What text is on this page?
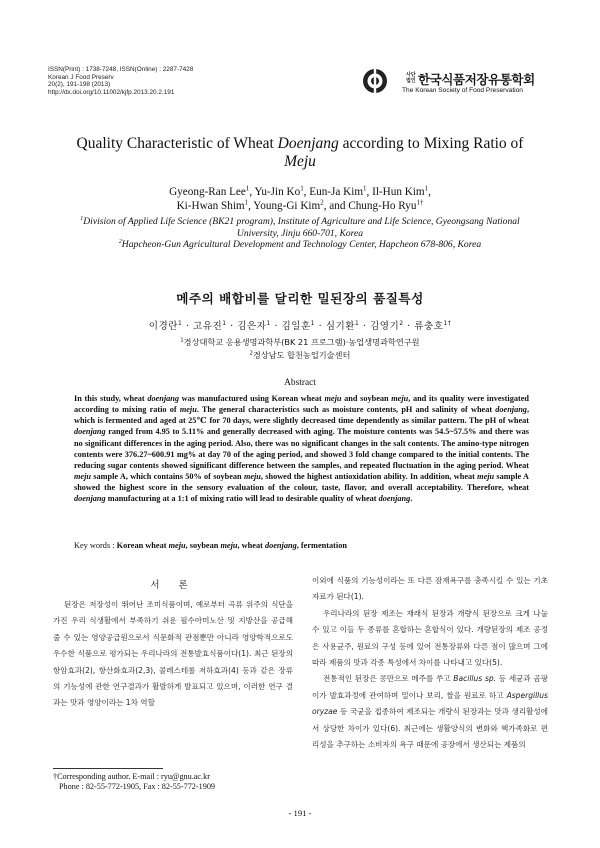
ISSN(Print) : 1738-7248, ISSN(Online) : 2287-7428
Korean J Food Preserv
20(2), 191-198 (2013)
http://dx.doi.org/10.11002/kjfp.2013.20.2.191
사단
법인 한국식품저장유통학회
The Korean Society of Food Preservation
Quality Characteristic of Wheat Doenjang according to Mixing Ratio of Meju
Gyeong-Ran Lee$^1$, Yu-Jin Ko$^1$, Eun-Ja Kim$^1$, Il-Hun Kim$^1$,
Ki-Hwan Shim$^1$, Young-Gi Kim$^2$, and Chung-Ho Ryu$^{1\dagger}$
$^1$Division of Applied Life Science (BK21 program), Institute of Agriculture and Life Science, Gyeongsang National University, Jinju 660-701, Korea
$^2$Hapcheon-Gun Agricultural Development and Technology Center, Hapcheon 678-806, Korea
메주의 배합비를 달리한 밀된장의 품질특성
이경란$^1$ · 고유진$^1$ · 김은자$^1$ · 김일훈$^1$ · 심기환$^1$ · 김영기$^2$ · 류충호$^{1\dagger}$
$^1$경상대학교 응용생명과학부(BK 21 프로그램)·농업생명과학연구원
$^2$경상남도 합천농업기술센터
Abstract
In this study, wheat doenjang was manufactured using Korean wheat meju and soybean meju, and its quality were investigated according to mixing ratio of meju. The general characteristics such as moisture contents, pH and salinity of wheat doenjang, which is fermented and aged at 25℃ for 70 days, were slightly decreased time dependently as similar pattern. The pH of wheat doenjang ranged from 4.95 to 5.11% and generally decreased with aging. The moisture contents was 54.5~57.5% and there was no significant differences in the aging period. Also, there was no significant changes in the salt contents. The amino-type nitrogen contents were 376.27~600.91 mg% at day 70 of the aging period, and showed 3 fold change compared to the initial contents. The reducing sugar contents showed significant difference between the samples, and repeated fluctuation in the aging period. Wheat meju sample A, which contains 50% of soybean meju, showed the highest antioxidation ability. In addition, wheat meju sample A showed the highest score in the sensory evaluation of the colour, taste, flavor, and overall acceptability. Therefore, wheat doenjang manufacturing at a 1:1 of mixing ratio will lead to desirable quality of wheat doenjang.
Key words : Korean wheat meju, soybean meju, wheat doenjang, fermentation
서 론

된장은 저장성이 뛰어난 조미식품이며, 예로부터 곡류 위주의 식단을 가진 우리 식생활에서 부족하기 쉬운 필수아미노산 및 지방산을 공급해 줄 수 있는 영양공급원으로서 식문화적 관점뿐만 아니라 영양학적으로도 우수한 식품으로 평가되는 우리나라의 전통발효식품이다(1). 최근 된장의 항암효과(2), 항산화효과(2,3), 콜레스테롤 저하효과(4) 등과 같은 장류의 기능성에 관한 연구결과가 활발하게 발표되고 있으며, 이러한 연구 결과는 맛과 영양이라는 1차 역할

이외에 식품의 기능성이라는 또 다른 잠재욕구를 충족시킬 수 있는 기초 자료가 된다(1).

우리나라의 된장 제조는 재래식 된장과 개량식 된장으로 크게 나눌 수 있고 이들 두 종류를 혼합하는 혼합식이 있다. 개량된장의 제조 공정은 사용균주, 원료의 구성 등에 있어 전통장류와 다른 점이 많으며 그에 따라 제품의 맛과 각종 특성에서 차이를 나타내고 있다(5).

전통적인 된장은 콩만으로 메주를 쑤고 Bacillus sp. 등 세균과 곰팡이가 발효과정에 관여하며 밀이나 보리, 쌀을 원료로 하고 Aspergillus oryzae 등 국균을 접종하여 제조되는 개량식 된장과는 맛과 생리활성에서 상당한 차이가 있다(6). 최근에는 생활양식의 변화와 핵가족화로 편리성을 추구하는 소비자의 욕구 때문에 공장에서 생산되는 제품의

†Corresponding author. E-mail : ryu@gnu.ac.kr
Phone : 82-55-772-1905, Fax : 82-55-772-1909
- 191 -
